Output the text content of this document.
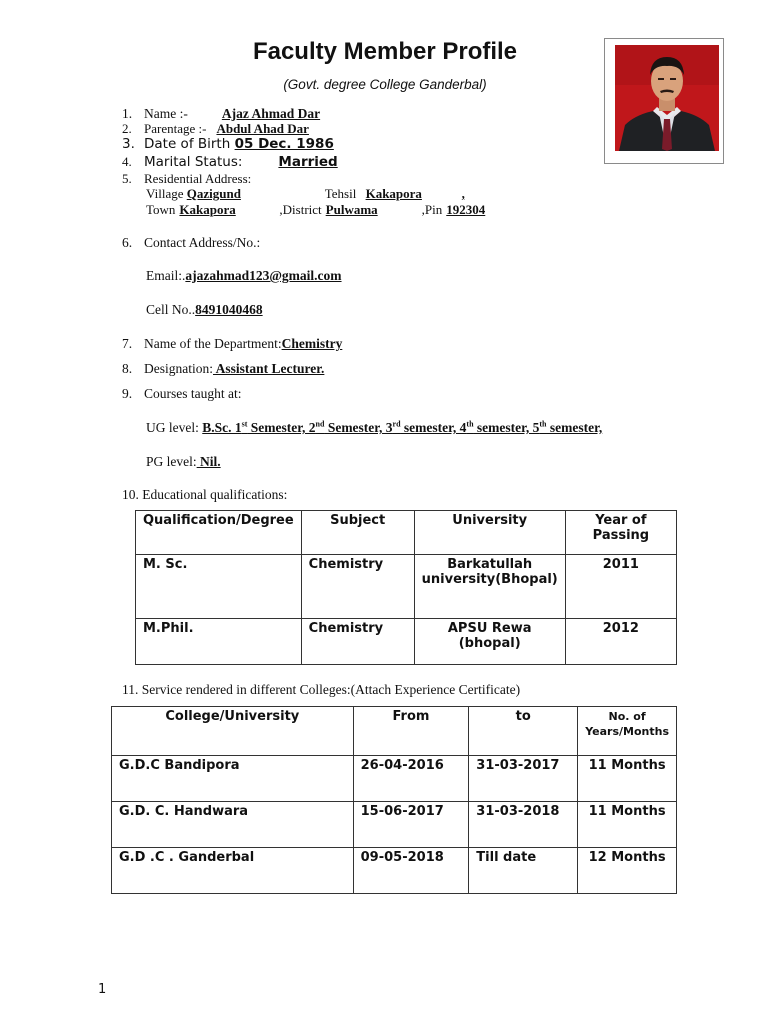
Faculty Member Profile
(Govt. degree College Ganderbal)
1. Name :-	Ajaz Ahmad Dar
2. Parentage :- Abdul Ahad Dar
3. Date of Birth 05 Dec. 1986
4. Marital Status:	Married
5. Residential Address:
Village Qazigund	Tehsil Kakapora	,
Town Kakapora	,District Pulwama	,Pin 192304
6. Contact Address/No.:
Email:.ajazahmad123@gmail.com
Cell No..8491040468
7. Name of the Department:Chemistry
8. Designation: Assistant Lecturer.
9. Courses taught at:
UG level: B.Sc. 1st Semester, 2nd Semester, 3rd semester, 4th semester, 5th semester,
PG level: Nil.
10. Educational qualifications:
Qualification/Degree	Subject	University	Year of Passing
M. Sc.	Chemistry	Barkatullah university(Bhopal)	2011
M.Phil.	Chemistry	APSU Rewa (bhopal)	2012
11. Service rendered in different Colleges:(Attach Experience Certificate)
College/University	From	to	No. of Years/Months
G.D.C Bandipora	26-04-2016	31-03-2017	11 Months
G.D. C. Handwara	15-06-2017	31-03-2018	11 Months
G.D .C . Ganderbal	09-05-2018	Till date	12 Months
1
